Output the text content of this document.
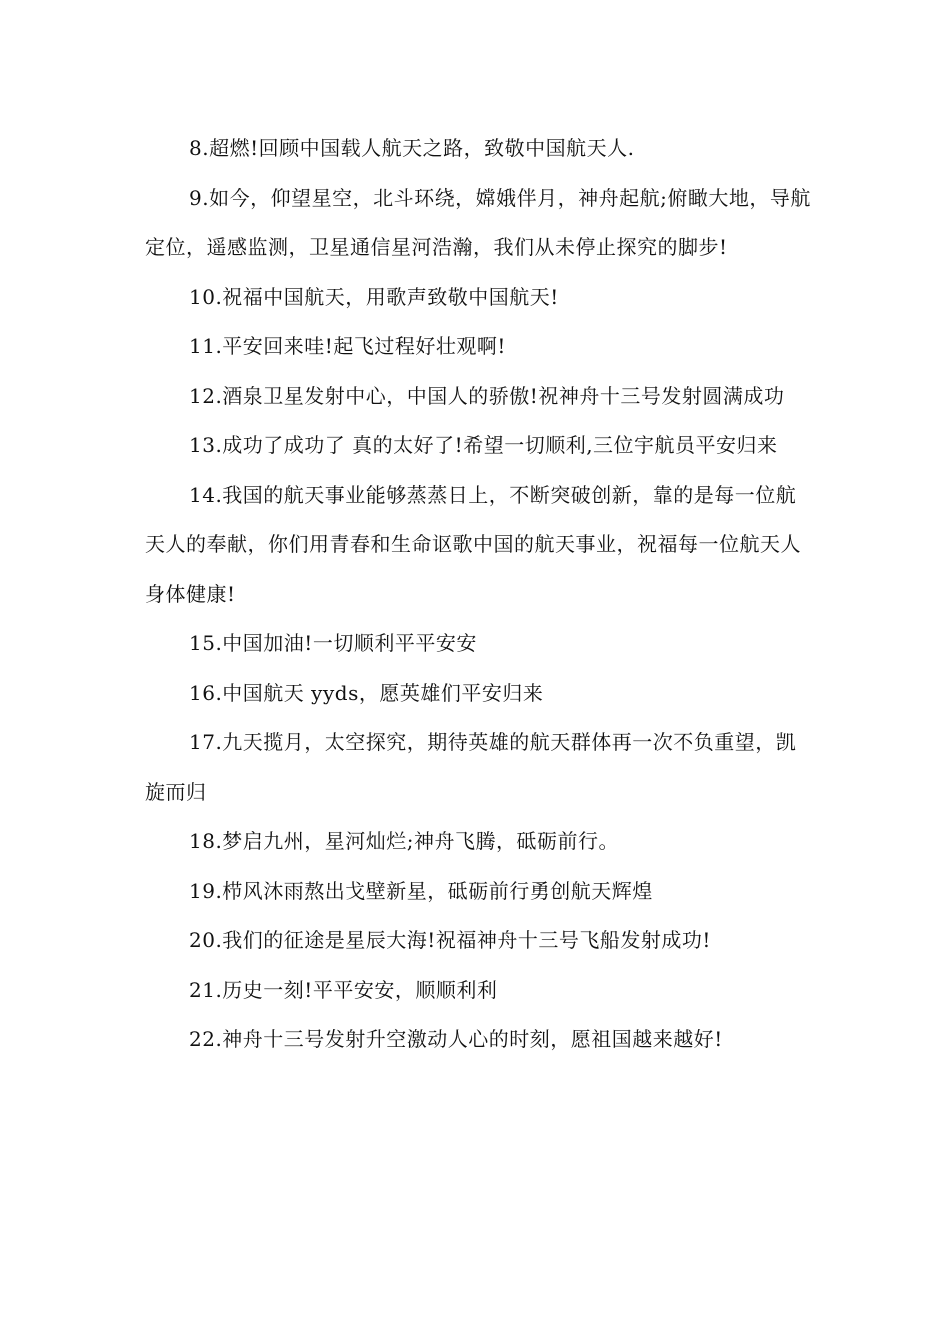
8.超燃!回顾中国载人航天之路，致敬中国航天人.

9.如今，仰望星空，北斗环绕，嫦娥伴月，神舟起航;俯瞰大地，导航定位，遥感监测，卫星通信星河浩瀚，我们从未停止探究的脚步!

10.祝福中国航天，用歌声致敬中国航天!

11.平安回来哇!起飞过程好壮观啊!

12.酒泉卫星发射中心，中国人的骄傲!祝神舟十三号发射圆满成功

13.成功了成功了 真的太好了!希望一切顺利,三位宇航员平安归来

14.我国的航天事业能够蒸蒸日上，不断突破创新，靠的是每一位航天人的奉献，你们用青春和生命讴歌中国的航天事业，祝福每一位航天人身体健康!

15.中国加油!一切顺利平平安安

16.中国航天 yyds，愿英雄们平安归来

17.九天揽月，太空探究，期待英雄的航天群体再一次不负重望，凯旋而归

18.梦启九州，星河灿烂;神舟飞腾，砥砺前行。

19.栉风沐雨熬出戈壁新星，砥砺前行勇创航天辉煌

20.我们的征途是星辰大海!祝福神舟十三号飞船发射成功!

21.历史一刻!平平安安，顺顺利利

22.神舟十三号发射升空激动人心的时刻，愿祖国越来越好!
